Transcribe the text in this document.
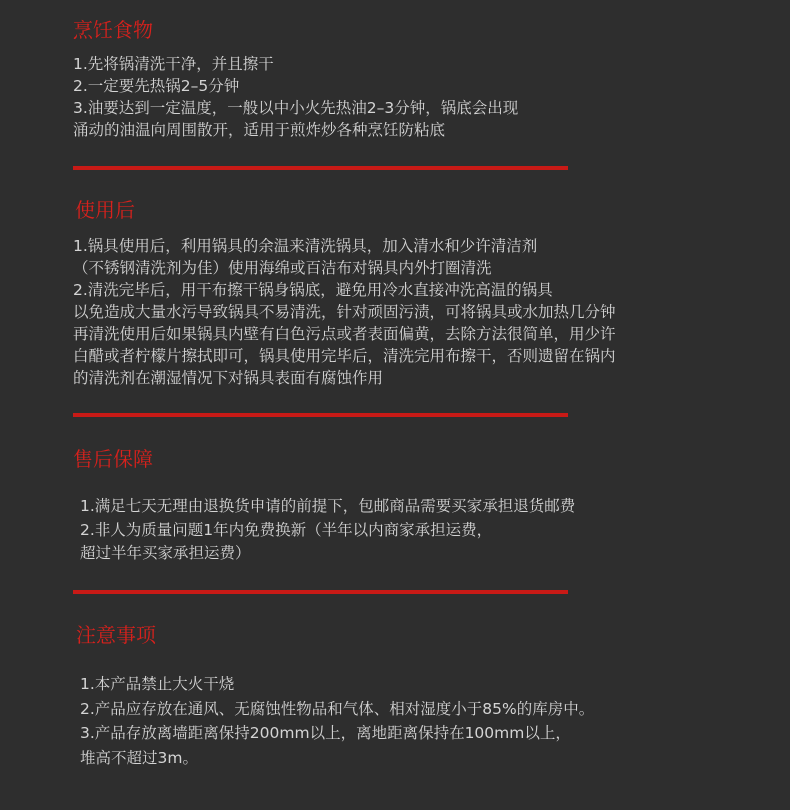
烹饪食物
1.先将锅清洗干净，并且擦干
2.一定要先热锅2–5分钟
3.油要达到一定温度，一般以中小火先热油2–3分钟，锅底会出现
涌动的油温向周围散开，适用于煎炸炒各种烹饪防粘底
使用后
1.锅具使用后，利用锅具的余温来清洗锅具，加入清水和少许清洁剂
（不锈钢清洗剂为佳）使用海绵或百洁布对锅具内外打圈清洗
2.清洗完毕后，用干布擦干锅身锅底，避免用冷水直接冲洗高温的锅具
以免造成大量水污导致锅具不易清洗，针对顽固污渍，可将锅具或水加热几分钟
再清洗使用后如果锅具内壁有白色污点或者表面偏黄，去除方法很简单，用少许
白醋或者柠檬片擦拭即可，锅具使用完毕后，清洗完用布擦干，否则遗留在锅内
的清洗剂在潮湿情况下对锅具表面有腐蚀作用
售后保障
1.满足七天无理由退换货申请的前提下，包邮商品需要买家承担退货邮费
2.非人为质量问题1年内免费换新（半年以内商家承担运费，
超过半年买家承担运费）
注意事项
1.本产品禁止大火干烧
2.产品应存放在通风、无腐蚀性物品和气体、相对湿度小于85%的库房中。
3.产品存放离墙距离保持200mm以上，离地距离保持在100mm以上，
堆高不超过3m。
